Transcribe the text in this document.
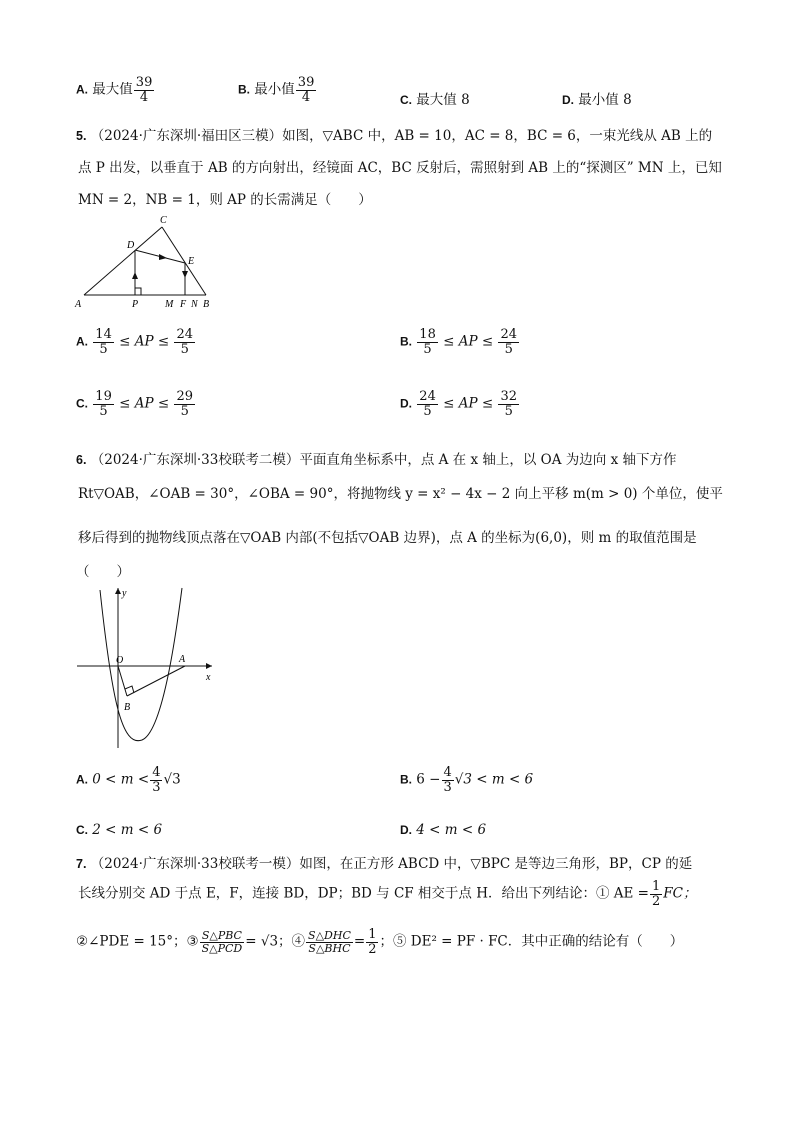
A. 最大值 $\frac{39}{4}$	B. 最小值 $\frac{39}{4}$	C. 最大值 8	D. 最小值 8
5. （2024·广东深圳·福田区三模）如图，▽ABC 中，AB = 10，AC = 8，BC = 6，一束光线从 AB 上的
点 P 出发，以垂直于 AB 的方向射出，经镜面 AC，BC 反射后，需照射到 AB 上的“探测区” MN 上，已知
MN = 2，NB = 1，则 AP 的长需满足（　　）
A	B
C
D
E
P	M F N
A. $\frac{14}{5}$ ≤ AP ≤ $\frac{24}{5}$	B. $\frac{18}{5}$ ≤ AP ≤ $\frac{24}{5}$
C. $\frac{19}{5}$ ≤ AP ≤ $\frac{29}{5}$	D. $\frac{24}{5}$ ≤ AP ≤ $\frac{32}{5}$
6. （2024·广东深圳·33校联考二模）平面直角坐标系中，点 A 在 x 轴上，以 OA 为边向 x 轴下方作
Rt▽OAB，∠OAB = 30°，∠OBA = 90°，将抛物线 y = x² − 4x − 2 向上平移 m(m > 0) 个单位，使平
移后得到的抛物线顶点落在▽OAB 内部(不包括▽OAB 边界)，点 A 的坐标为(6,0)，则 m 的取值范围是
（　　）
y
x
O	A
B
A. $0 < m < \frac{4}{3} √3$	B. $6 - \frac{4}{3} √3 < m < 6$
C. 2 < m < 6	D. 4 < m < 6
7. （2024·广东深圳·33校联考一模）如图，在正方形 ABCD 中，▽BPC 是等边三角形，BP，CP 的延
长线分别交 AD 于点 E，F，连接 BD，DP；BD 与 CF 相交于点 H．给出下列结论：① AE = $\frac{1}{2}$ FC；
②∠PDE = 15°；③ $\frac{\text{S△PBC}}{\text{S△PCD}} = √3$；④ $\frac{\text{S△DHC}}{\text{S△BHC}} = \frac{1}{2}$ ；⑤ DE² = PF · FC．其中正确的结论有（　　）
